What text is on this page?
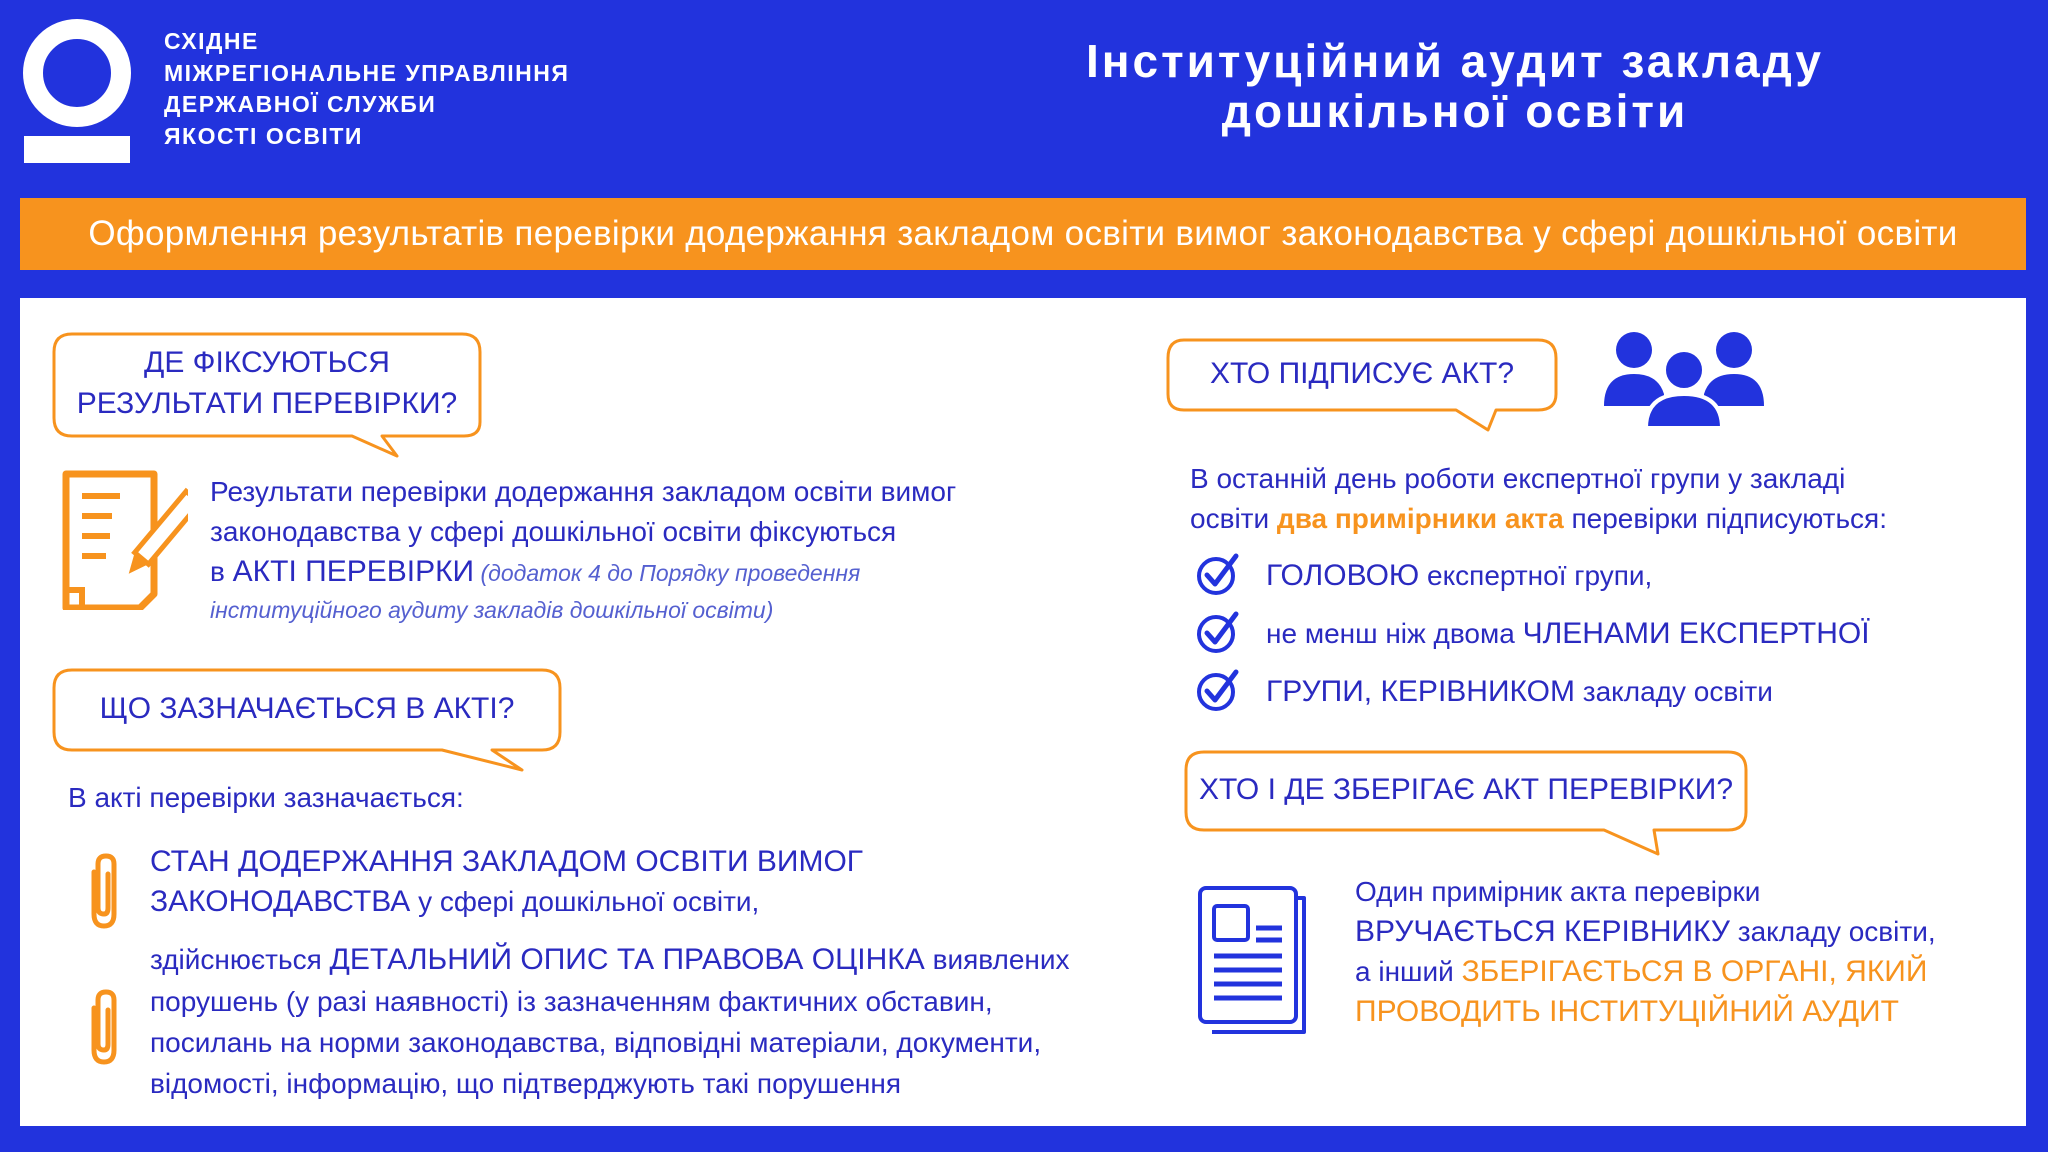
СХІДНЕ
МІЖРЕГІОНАЛЬНЕ УПРАВЛІННЯ
ДЕРЖАВНОЇ СЛУЖБИ
ЯКОСТІ ОСВІТИ
Інституційний аудит закладу
дошкільної освіти
Оформлення результатів перевірки додержання закладом освіти вимог законодавства у сфері дошкільної освіти
ДЕ ФІКСУЮТЬСЯ
РЕЗУЛЬТАТИ ПЕРЕВІРКИ?
Результати перевірки додержання закладом освіти вимог
законодавства у сфері дошкільної освіти фіксуються
в АКТІ ПЕРЕВІРКИ (додаток 4 до Порядку проведення
інституційного аудиту закладів дошкільної освіти)
ЩО ЗАЗНАЧАЄТЬСЯ В АКТІ?
В акті перевірки зазначається:
СТАН ДОДЕРЖАННЯ ЗАКЛАДОМ ОСВІТИ ВИМОГ
ЗАКОНОДАВСТВА у сфері дошкільної освіти,
здійснюється ДЕТАЛЬНИЙ ОПИС ТА ПРАВОВА ОЦІНКА виявлених
порушень (у разі наявності) із зазначенням фактичних обставин,
посилань на норми законодавства, відповідні матеріали, документи,
відомості, інформацію, що підтверджують такі порушення
ХТО ПІДПИСУЄ АКТ?
В останній день роботи експертної групи у закладі
освіти два примірники акта перевірки підписуються:
ГОЛОВОЮ експертної групи,
не менш ніж двома ЧЛЕНАМИ ЕКСПЕРТНОЇ
ГРУПИ, КЕРІВНИКОМ закладу освіти
ХТО І ДЕ ЗБЕРІГАЄ АКТ ПЕРЕВІРКИ?
Один примірник акта перевірки
ВРУЧАЄТЬСЯ КЕРІВНИКУ закладу освіти,
а інший ЗБЕРІГАЄТЬСЯ В ОРГАНІ, ЯКИЙ
ПРОВОДИТЬ ІНСТИТУЦІЙНИЙ АУДИТ
